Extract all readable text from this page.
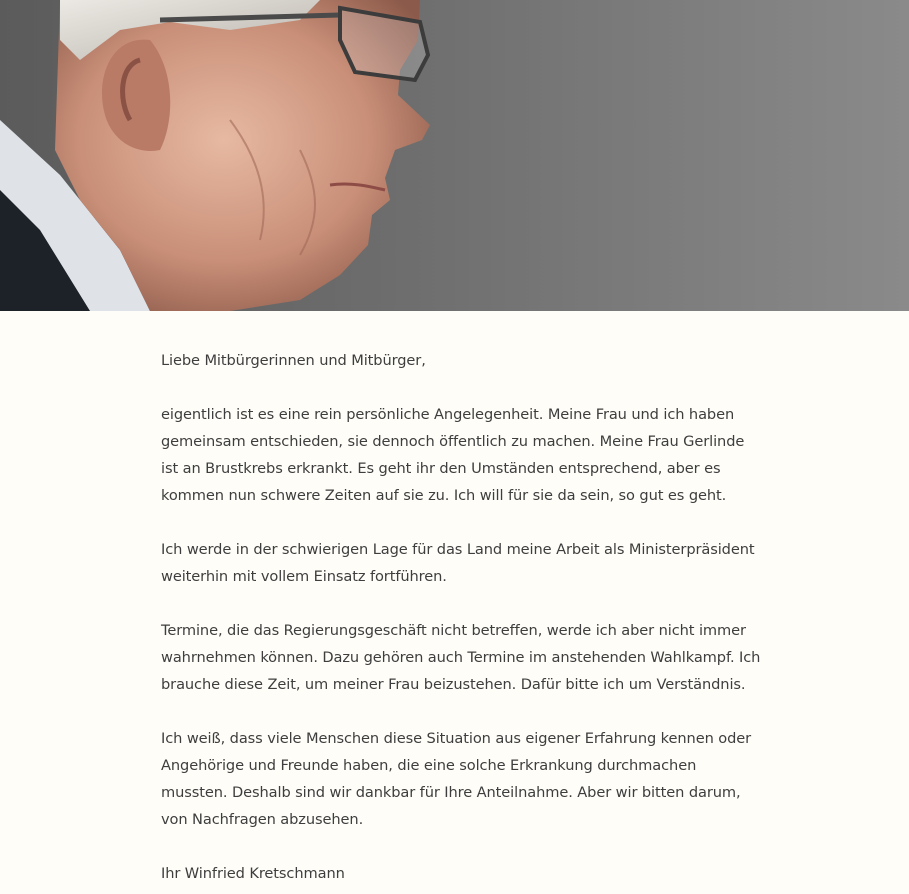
Liebe Mitbürgerinnen und Mitbürger,

eigentlich ist es eine rein persönliche Angelegenheit. Meine Frau und ich haben gemeinsam entschieden, sie dennoch öffentlich zu machen. Meine Frau Gerlinde ist an Brustkrebs erkrankt. Es geht ihr den Umständen entsprechend, aber es kommen nun schwere Zeiten auf sie zu. Ich will für sie da sein, so gut es geht.

Ich werde in der schwierigen Lage für das Land meine Arbeit als Ministerpräsident weiterhin mit vollem Einsatz fortführen.

Termine, die das Regierungsgeschäft nicht betreffen, werde ich aber nicht immer wahrnehmen können. Dazu gehören auch Termine im anstehenden Wahlkampf. Ich brauche diese Zeit, um meiner Frau beizustehen. Dafür bitte ich um Verständnis.

Ich weiß, dass viele Menschen diese Situation aus eigener Erfahrung kennen oder Angehörige und Freunde haben, die eine solche Erkrankung durchmachen mussten. Deshalb sind wir dankbar für Ihre Anteilnahme. Aber wir bitten darum, von Nachfragen abzusehen.

Ihr Winfried Kretschmann
